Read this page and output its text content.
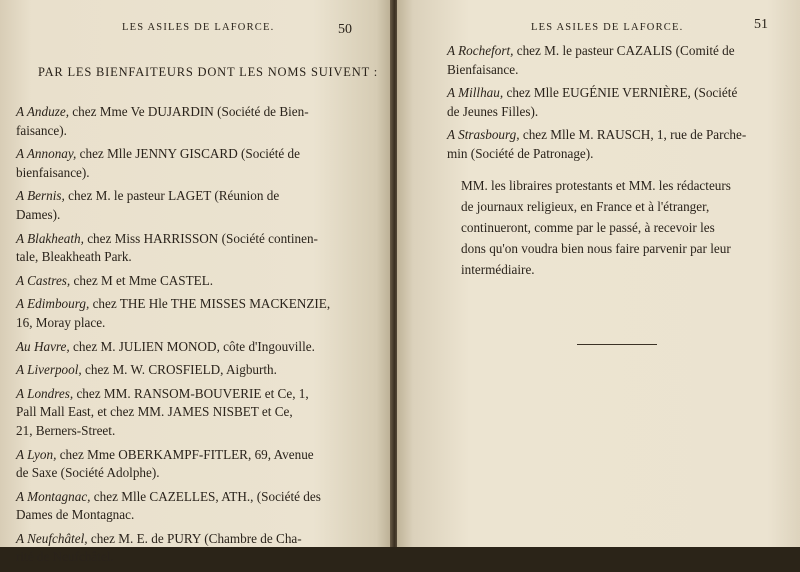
LES ASILES DE LAFORCE.	50
PAR LES BIENFAITEURS DONT LES NOMS SUIVENT :
A Anduze, chez Mme Ve DUJARDIN (Société de Bien-
faisance).
A Annonay, chez Mlle JENNY GISCARD (Société de
bienfaisance).
A Bernis, chez M. le pasteur LAGET (Réunion de
Dames).
A Blakheath, chez Miss HARRISSON (Société continen-
tale, Bleakheath Park.
A Castres, chez M et Mme CASTEL.
A Edimbourg, chez THE Hle THE MISSES MACKENZIE,
16, Moray place.
Au Havre, chez M. JULIEN MONOD, côte d'Ingouville.
A Liverpool, chez M. W. CROSFIELD, Aigburth.
A Londres, chez MM. RANSOM-BOUVERIE et Ce, 1,
Pall Mall East, et chez MM. JAMES NISBET et Ce,
21, Berners-Street.
A Lyon, chez Mme OBERKAMPF-FITLER, 69, Avenue
de Saxe (Société Adolphe).
A Montagnac, chez Mlle CAZELLES, ATH., (Société des
Dames de Montagnac.
A Neufchâtel, chez M. E. de PURY (Chambre de Cha-
rité de Neufchâtel.
LES ASILES DE LAFORCE.	51
A Rochefort, chez M. le pasteur CAZALIS (Comité de
Bienfaisance.
A Millhau, chez Mlle EUGÉNIE VERNIÈRE, (Société
de Jeunes Filles).
A Strasbourg, chez Mlle M. RAUSCH, 1, rue de Parche-
min (Société de Patronage).
MM. les libraires protestants et MM. les rédacteurs
de journaux religieux, en France et à l'étranger,
continueront, comme par le passé, à recevoir les
dons qu'on voudra bien nous faire parvenir par leur
intermédiaire.
